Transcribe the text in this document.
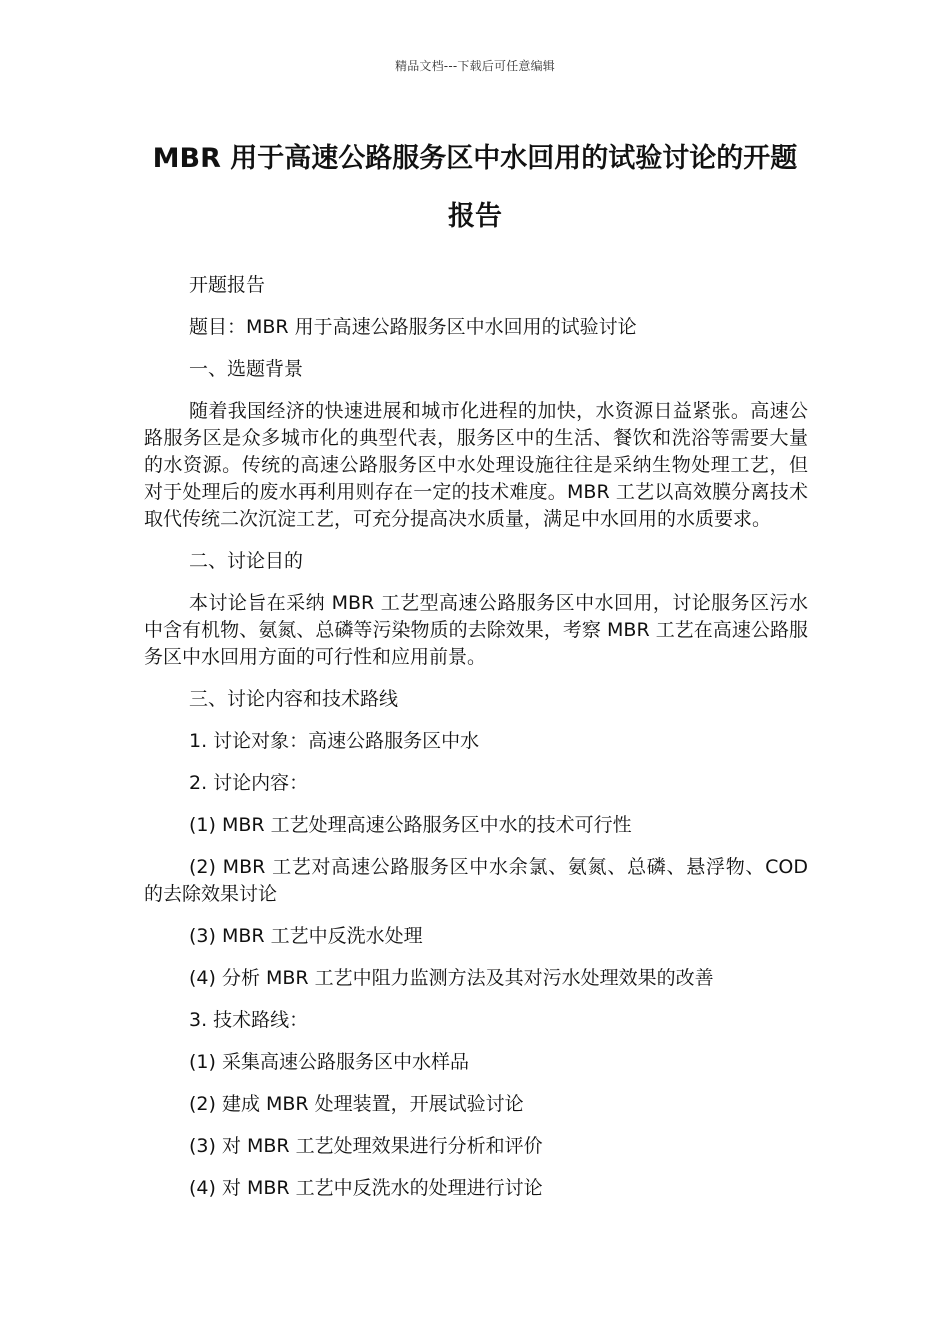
精品文档---下载后可任意编辑
MBR 用于高速公路服务区中水回用的试验讨论的开题报告

开题报告

题目：MBR 用于高速公路服务区中水回用的试验讨论

一、选题背景

随着我国经济的快速进展和城市化进程的加快，水资源日益紧张。高速公路服务区是众多城市化的典型代表，服务区中的生活、餐饮和洗浴等需要大量的水资源。传统的高速公路服务区中水处理设施往往是采纳生物处理工艺，但对于处理后的废水再利用则存在一定的技术难度。MBR 工艺以高效膜分离技术取代传统二次沉淀工艺，可充分提高决水质量，满足中水回用的水质要求。

二、讨论目的

本讨论旨在采纳 MBR 工艺型高速公路服务区中水回用，讨论服务区污水中含有机物、氨氮、总磷等污染物质的去除效果，考察 MBR 工艺在高速公路服务区中水回用方面的可行性和应用前景。

三、讨论内容和技术路线

1. 讨论对象：高速公路服务区中水

2. 讨论内容：

(1) MBR 工艺处理高速公路服务区中水的技术可行性

(2) MBR 工艺对高速公路服务区中水余氯、氨氮、总磷、悬浮物、COD 的去除效果讨论

(3) MBR 工艺中反洗水处理

(4) 分析 MBR 工艺中阻力监测方法及其对污水处理效果的改善

3. 技术路线：

(1) 采集高速公路服务区中水样品

(2) 建成 MBR 处理装置，开展试验讨论

(3) 对 MBR 工艺处理效果进行分析和评价

(4) 对 MBR 工艺中反洗水的处理进行讨论
